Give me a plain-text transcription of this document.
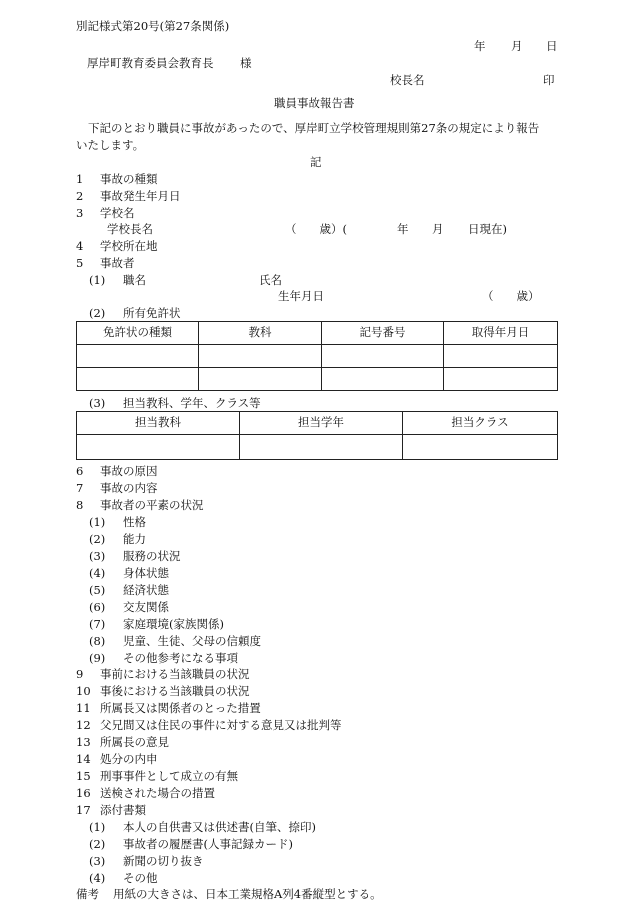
別記様式第20号(第27条関係)
年 月 日
厚岸町教育委員会教育長 様
校長名	印
職員事故報告書
下記のとおり職員に事故があったので、厚岸町立学校管理規則第27条の規定により報告
いたします。
記
1 事故の種類
2 事故発生年月日
3 学校名
学校長名	（　　歳）(	年 月 日現在)
4 学校所在地
5 事故者
(1) 職名	氏名
生年月日	（　　歳）
(2) 所有免許状
免許状の種類	教科	記号番号	取得年月日

(3) 担当教科、学年、クラス等
担当教科	担当学年	担当クラス

6 事故の原因
7 事故の内容
8 事故者の平素の状況
(1) 性格
(2) 能力
(3) 服務の状況
(4) 身体状態
(5) 経済状態
(6) 交友関係
(7) 家庭環境(家族関係)
(8) 児童、生徒、父母の信頼度
(9) その他参考になる事項
9 事前における当該職員の状況
10 事後における当該職員の状況
11 所属長又は関係者のとった措置
12 父兄間又は住民の事件に対する意見又は批判等
13 所属長の意見
14 処分の内申
15 刑事事件として成立の有無
16 送検された場合の措置
17 添付書類
(1) 本人の自供書又は供述書(自筆、捺印)
(2) 事故者の履歴書(人事記録カード)
(3) 新聞の切り抜き
(4) その他
備考 用紙の大きさは、日本工業規格A列4番縦型とする。
